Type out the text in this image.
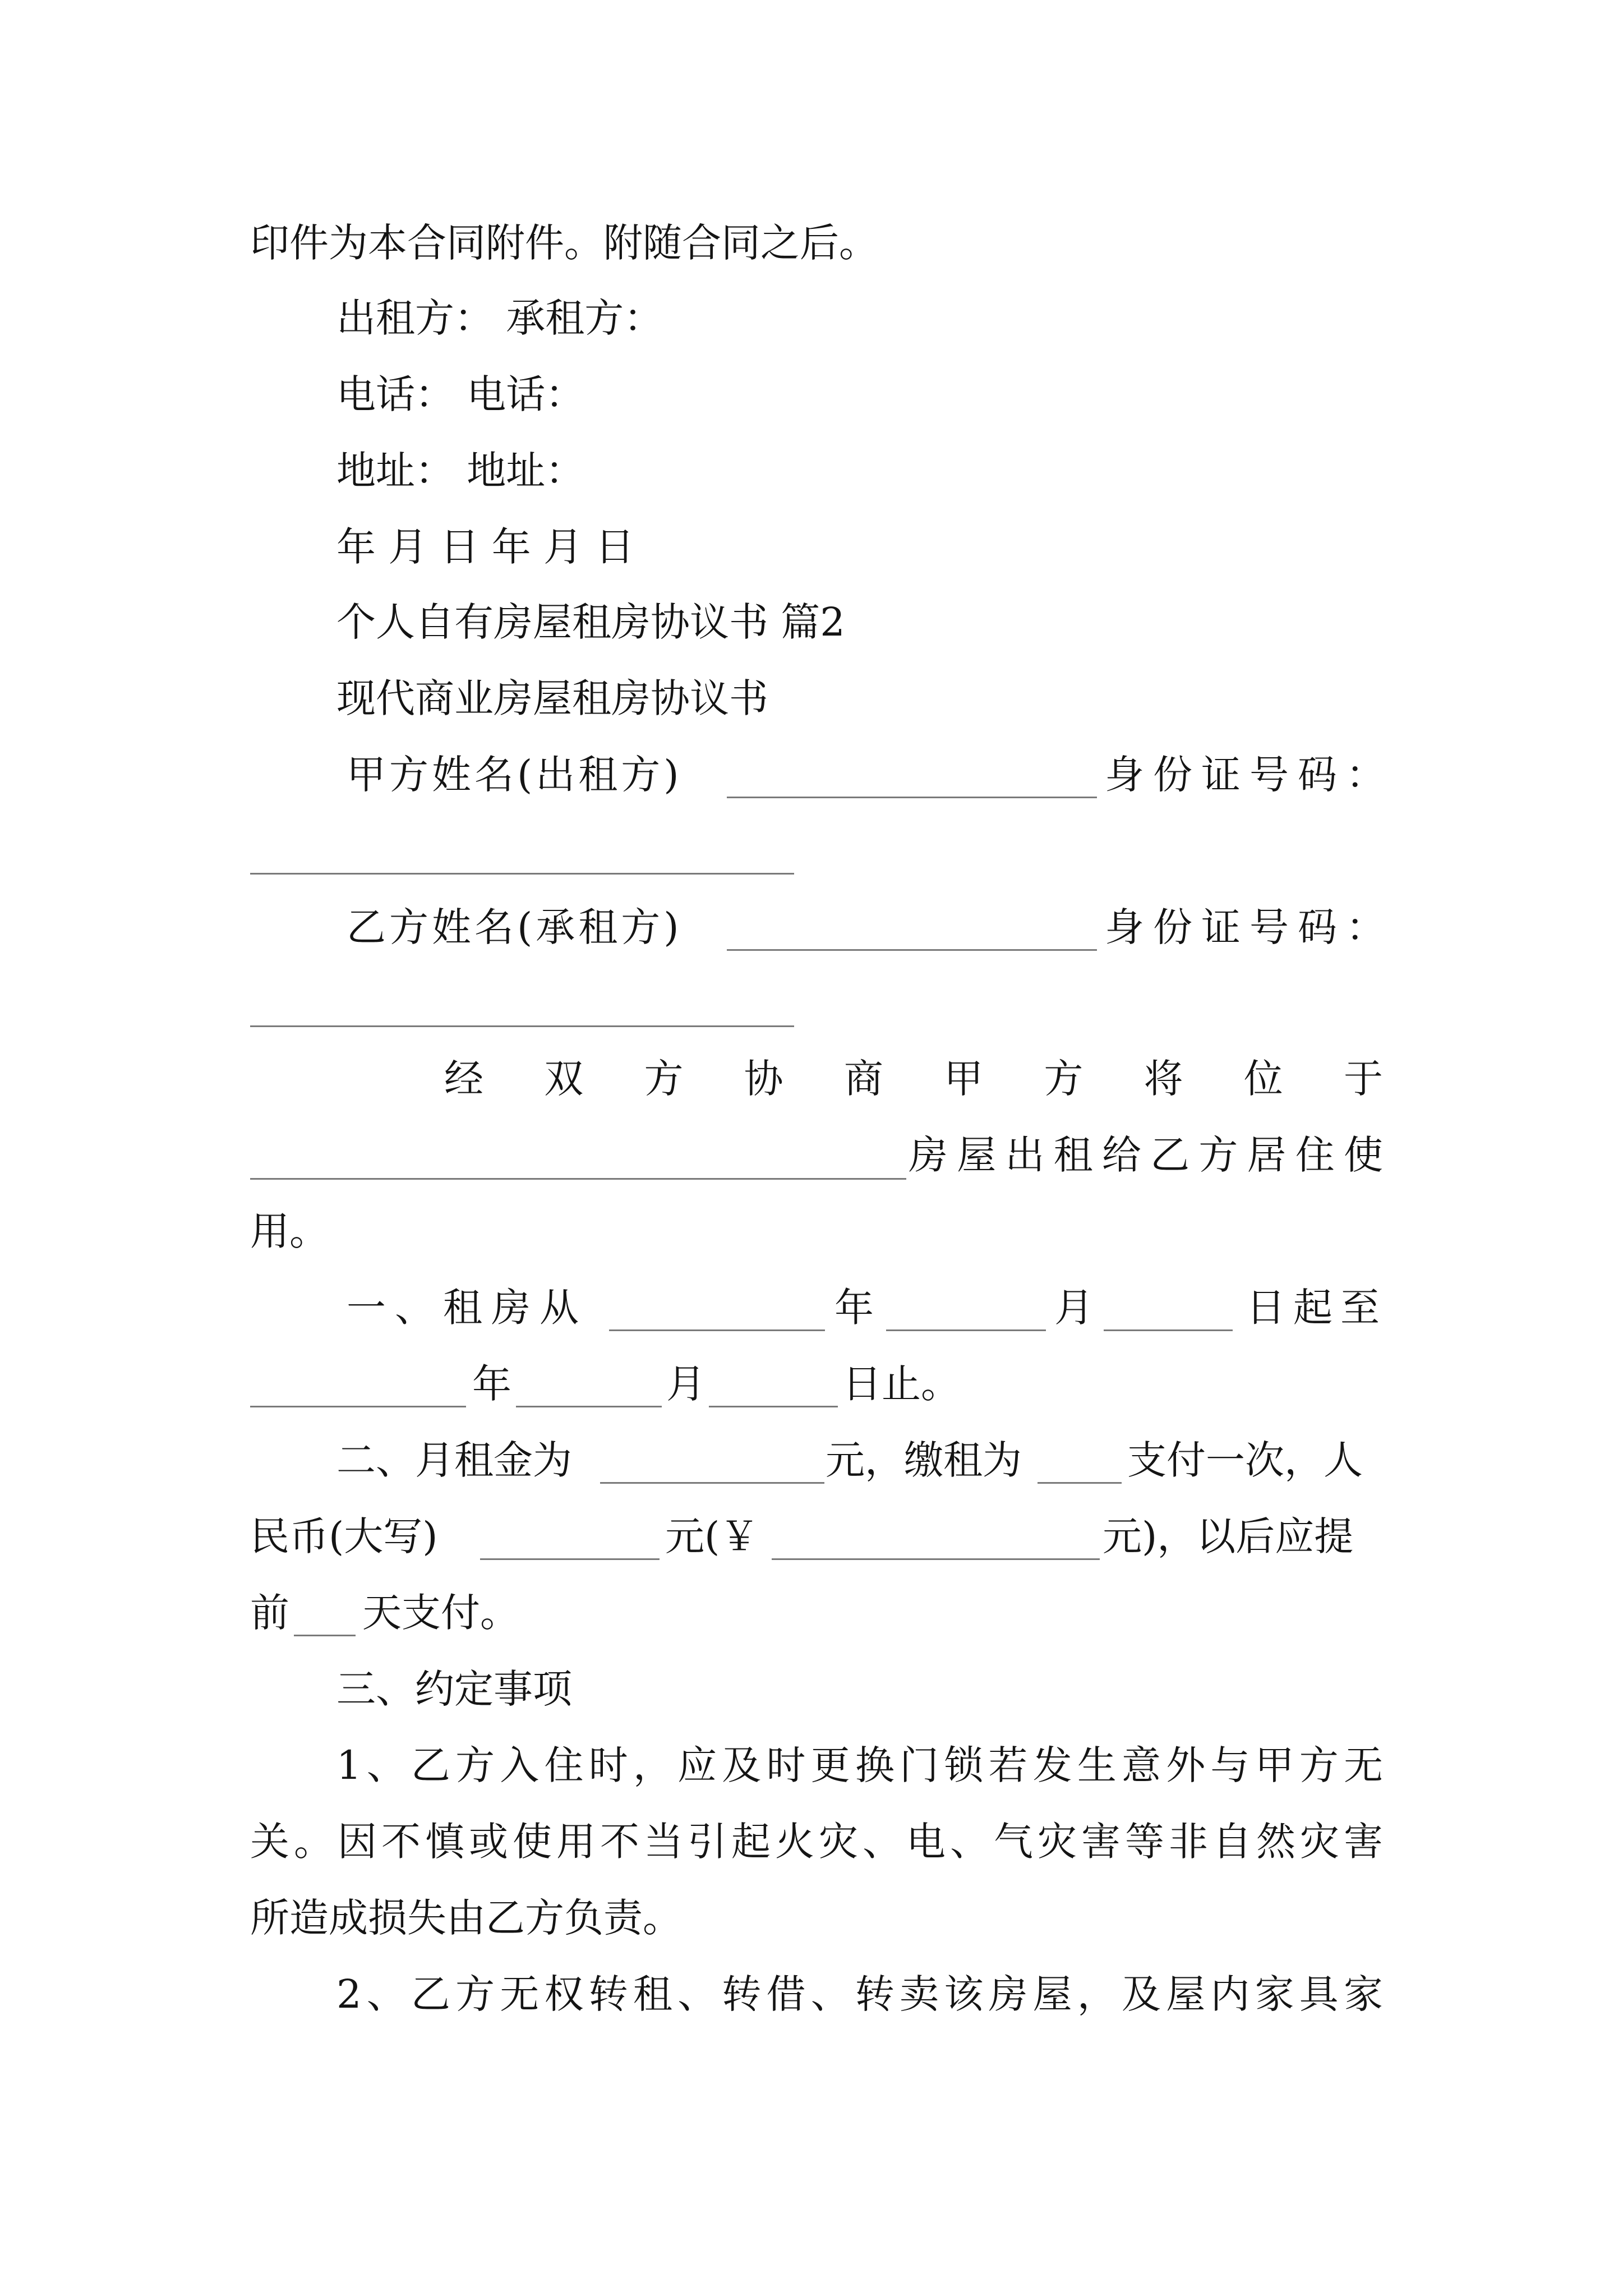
印件为本合同附件。附随合同之后。
出租方： 承租方：
电话： 电话：
地址： 地址：
年 月 日 年 月 日
个人自有房屋租房协议书 篇2
现代商业房屋租房协议书
甲方姓名(出租方)	身份证号码：
乙方姓名(承租方)	身份证号码：
经 双 方 协 商 甲 方 将 位 于
房屋出租给乙方居住使
用。
一、租房从	年	月	日起至
年	月	日止。
二、月租金为	元，缴租为	支付一次，人
民币(大写)	元(￥	元)，以后应提
前 天支付。
三、约定事项
1、乙方入住时，应及时更换门锁若发生意外与甲方无
关。因不慎或使用不当引起火灾、电、气灾害等非自然灾害
所造成损失由乙方负责。
2、乙方无权转租、转借、转卖该房屋，及屋内家具家
